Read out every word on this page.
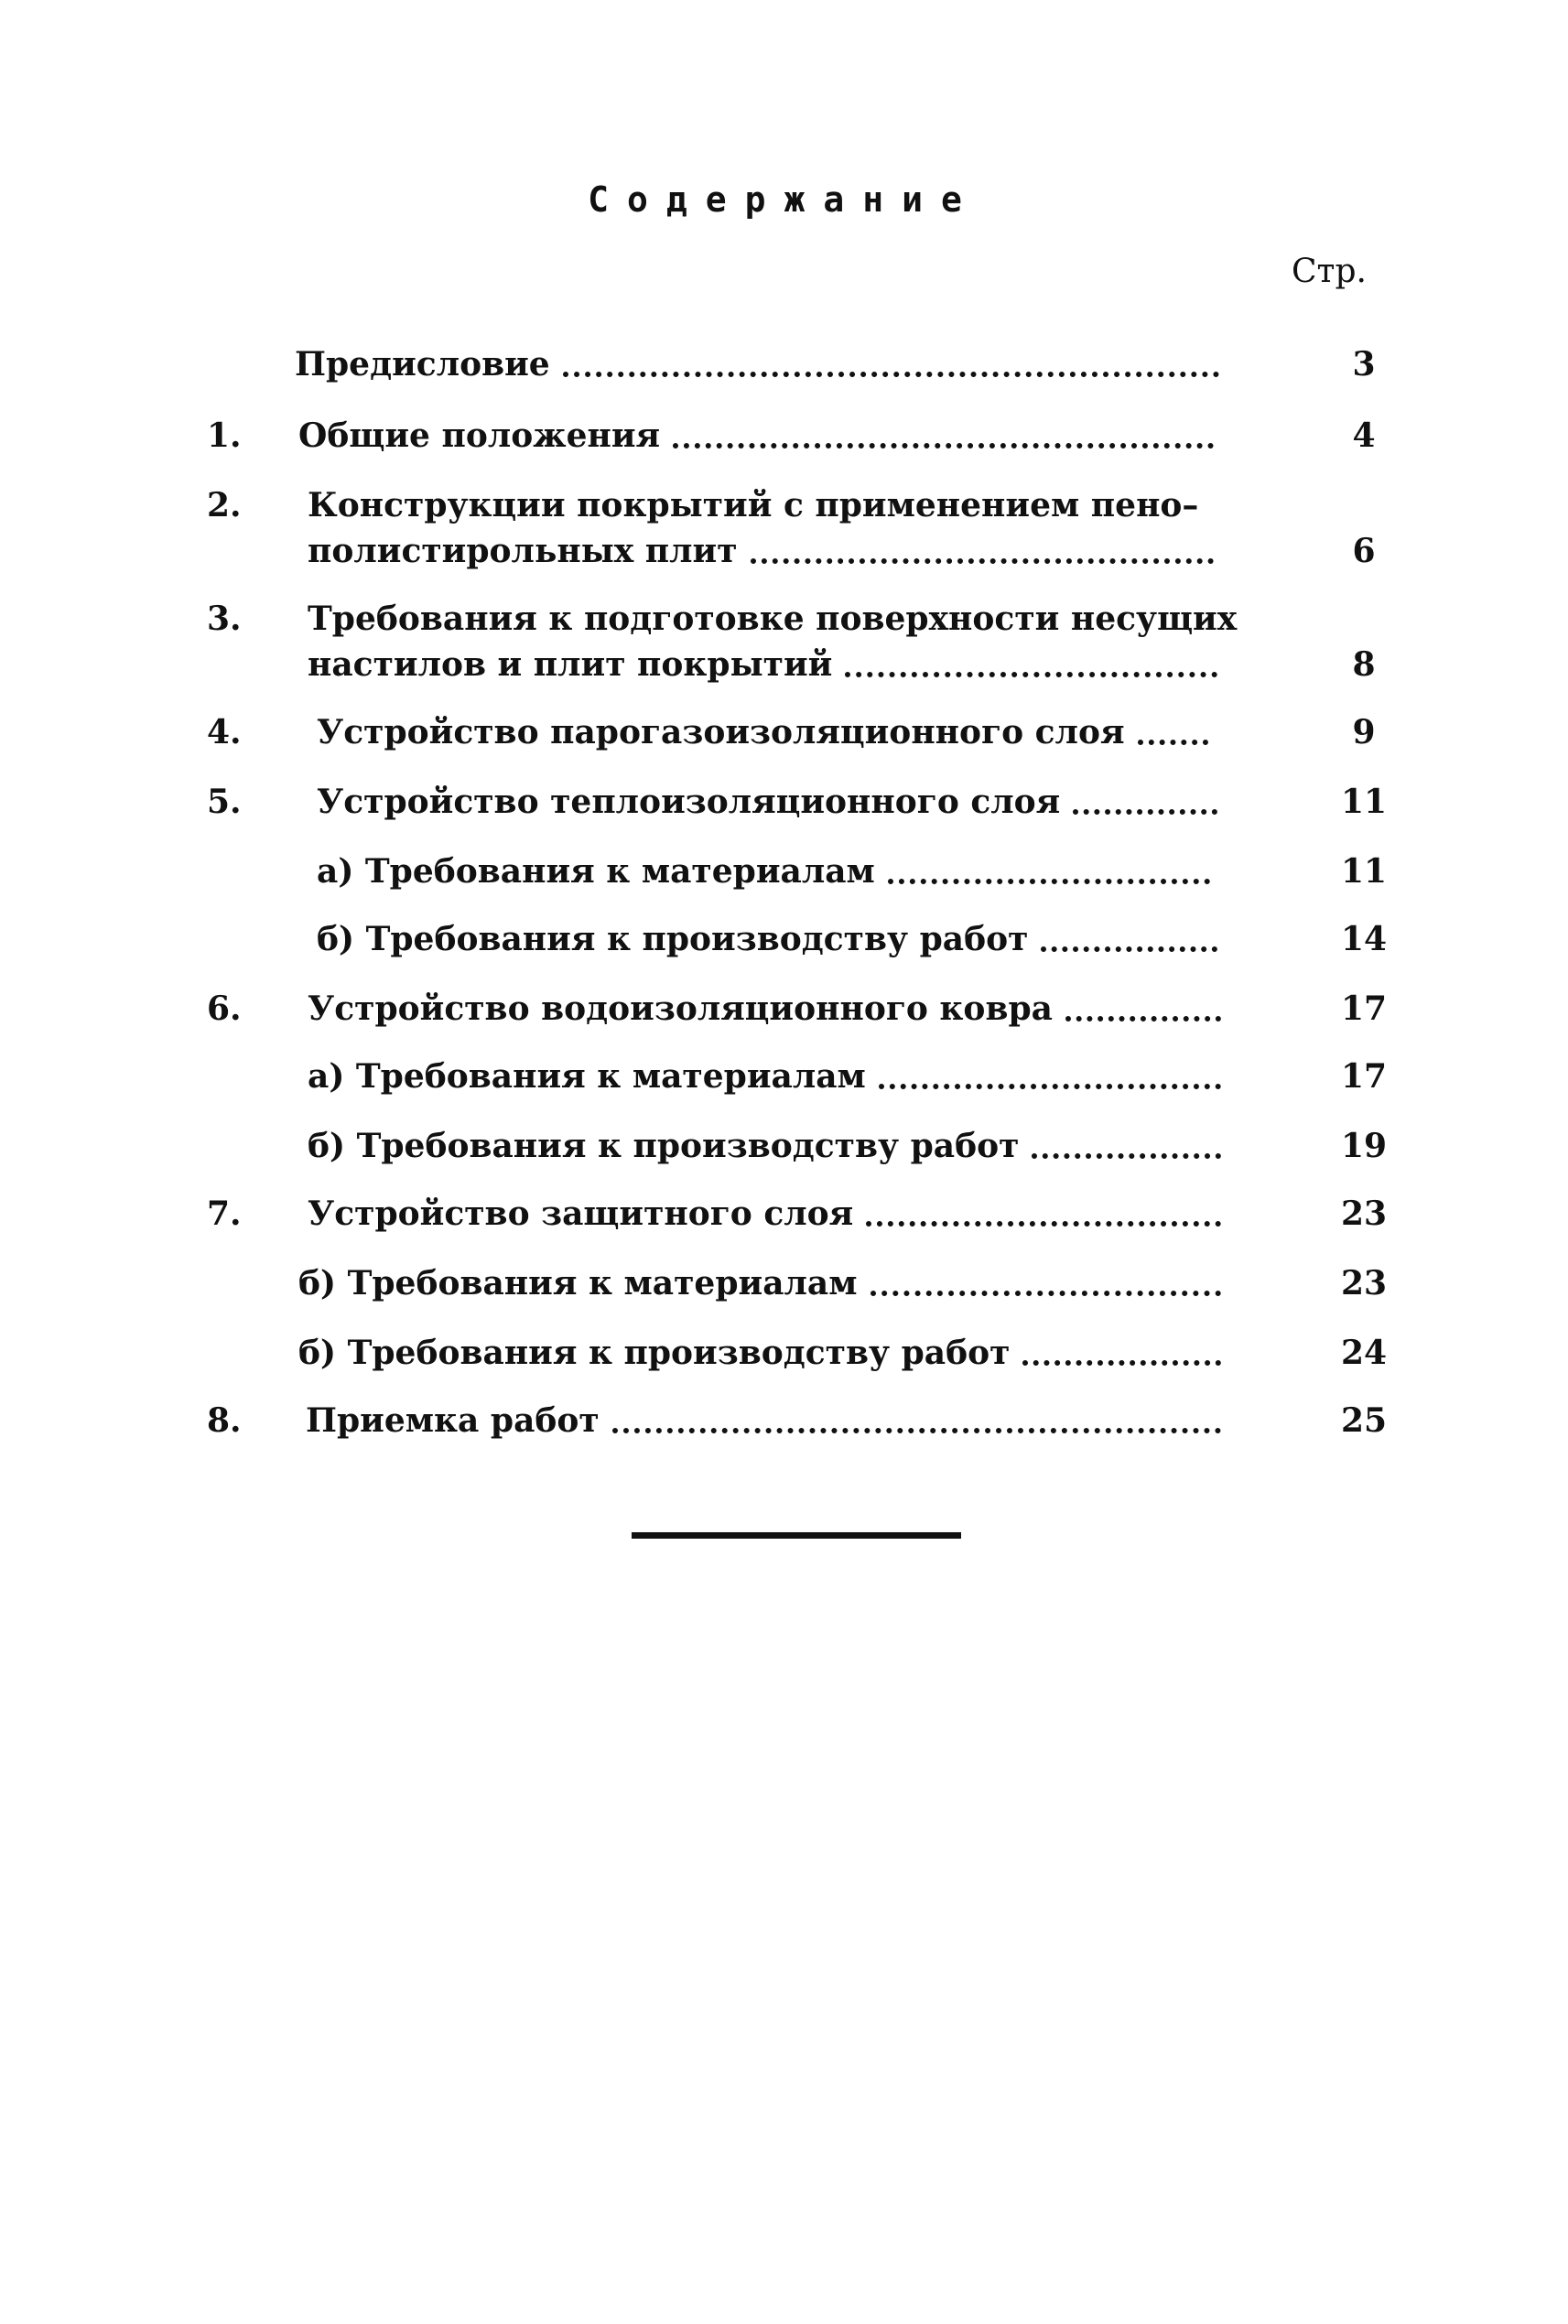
Содержание
Стр.
Предисловие	3
1.	Общие положения	4
2.	Конструкции покрытий с применением пено–
полистирольных плит	6
3.	Требования к подготовке поверхности несущих
настилов и плит покрытий	8
4.	Устройство парогазоизоляционного слоя	9
5.	Устройство теплоизоляционного слоя	11
а) Требования к материалам	11
б) Требования к производству работ	14
6.	Устройство водоизоляционного ковра	17
а) Требования к материалам	17
б) Требования к производству работ	19
7.	Устройство защитного слоя	23
б) Требования к материалам	23
б) Требования к производству работ	24
8.	Приемка работ	25
